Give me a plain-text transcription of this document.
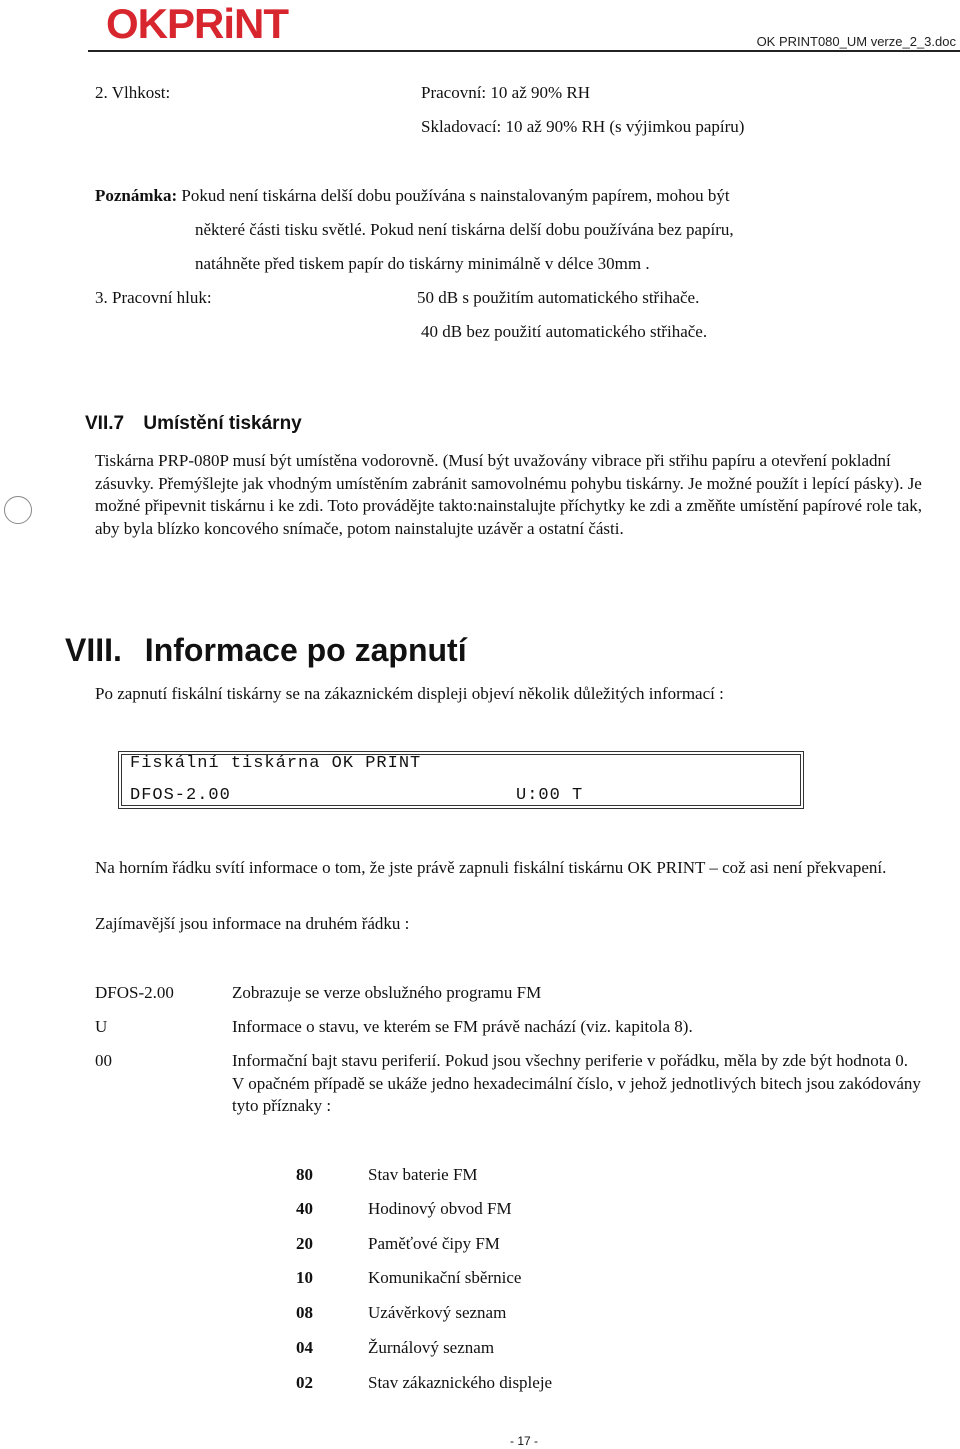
OKPRiNT	OK PRINT080_UM verze_2_3.doc
2. Vlhkost:	Pracovní: 10 až 90% RH
Skladovací: 10 až 90% RH (s výjimkou papíru)
Poznámka: Pokud není tiskárna delší dobu používána s nainstalovaným papírem, mohou být
některé části tisku světlé. Pokud není tiskárna delší dobu používána bez papíru,
natáhněte před tiskem papír do tiskárny minimálně v délce 30mm .
3. Pracovní hluk:	50 dB s použitím automatického střihače.
40 dB bez použití automatického střihače.
VII.7 Umístění tiskárny
Tiskárna PRP-080P musí být umístěna vodorovně. (Musí být uvažovány vibrace při střihu papíru a otevření pokladní zásuvky. Přemýšlejte jak vhodným umístěním zabránit samovolnému pohybu tiskárny. Je možné použít i lepící pásky). Je možné připevnit tiskárnu i ke zdi. Toto provádějte takto:nainstalujte příchytky ke zdi a změňte umístění papírové role tak, aby byla blízko koncového snímače, potom nainstalujte uzávěr a ostatní části.
VIII. Informace po zapnutí
Po zapnutí fiskální tiskárny se na zákaznickém displeji objeví několik důležitých informací :
Fiskální tiskárna OK PRINT
DFOS-2.00	U:00 T
Na horním řádku svítí informace o tom, že jste právě zapnuli fiskální tiskárnu OK PRINT – což asi není překvapení.
Zajímavější jsou informace na druhém řádku :
DFOS-2.00	Zobrazuje se verze obslužného programu FM
U	Informace o stavu, ve kterém se FM právě nachází (viz. kapitola 8).
00	Informační bajt stavu periferií. Pokud jsou všechny periferie v pořádku, měla by zde být hodnota 0. V opačném případě se ukáže jedno hexadecimální číslo, v jehož jednotlivých bitech jsou zakódovány tyto příznaky :
80	Stav baterie FM
40	Hodinový obvod FM
20	Paměťové čipy FM
10	Komunikační sběrnice
08	Uzávěrkový seznam
04	Žurnálový seznam
02	Stav zákaznického displeje
- 17 -
